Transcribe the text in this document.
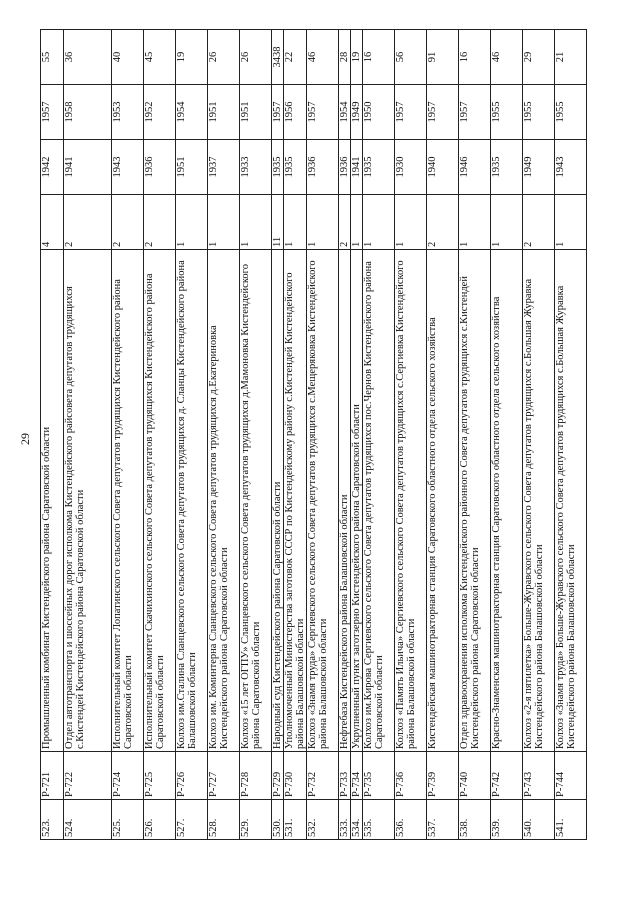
29
523.	Р-721	Промышленный комбинат Кистендейского района Саратовской области	4	1942	1957	55
524.	Р-722	Отдел автотранспорта и шоссейных дорог исполкома Кистендейского райсовета депутатов трудящихся с.Кистендей Кистендейского района Саратовской области	2	1941	1958	36
525.	Р-724	Исполнительный комитет Лопатинского сельского Совета депутатов трудящихся Кистендейского района Саратовской области	2	1943	1953	40
526.	Р-725	Исполнительный комитет Скачихинского сельского Совета депутатов трудящихся Кистендейского района Саратовской области	2	1936	1952	45
527.	Р-726	Колхоз им.Сталина Сланцевского сельского Совета депутатов трудящихся д. Сланцы Кистендейского района Балашовской области	1	1951	1954	19
528.	Р-727	Колхоз им. Коминтерна Сланцевского сельского Совета депутатов трудящихся д.Екатериновка Кистендейского района Саратовской области	1	1937	1951	26
529.	Р-728	Колхоз «15 лет ОГПУ» Сланцевского сельского Совета депутатов трудящихся д.Мамоновка Кистендейского района Саратовской области	1	1933	1951	26
530.	Р-729	Народный суд Кистендейского района Саратовской области	11	1935	1957	3438
531.	Р-730	Уполномоченный Министерства заготовок СССР по Кистендейскому району с.Кистендей Кистендейского района Балашовской области	1	1935	1956	22
532.	Р-732	Колхоз «Знамя труда» Сергиевского сельского Совета депутатов трудящихся с.Мещеряковка Кистендейского района Балашовской области	1	1936	1957	46
533.	Р-733	Нефтебаза Кистендейского района Балашовской области	2	1936	1954	28
534.	Р-734	Укрупненный пункт заготзерно Кистендейского района Саратовской области	1	1941	1949	19
535.	Р-735	Колхоз им.Кирова Сергиевского сельского Совета депутатов трудящихся пос.Чернов Кистендейского района Саратовской области	1	1935	1950	16
536.	Р-736	Колхоз «Память Ильича» Сергиевского сельского Совета депутатов трудящихся с.Сергиевка Кистендейского района Балашовской области	1	1930	1957	56
537.	Р-739	Кистендейская машинотракторная станция Саратовского областного отдела сельского хозяйства	2	1940	1957	91
538.	Р-740	Отдел здравоохранения исполкома Кистендейского районного Совета депутатов трудящихся с.Кистендей Кистендейского района Саратовской области	1	1946	1957	16
539.	Р-742	Красно-Знаменская машинотракторная станция Саратовского областного отдела сельского хозяйства	1	1935	1955	46
540.	Р-743	Колхоз «2-я пятилетка» Больше-Журавского сельского Совета депутатов трудящихся с.Большая Журавка Кистендейского района Балашовской области	2	1949	1955	29
541.	Р-744	Колхоз «Знамя труда» Больше-Журавского сельского Совета депутатов трудящихся с.Большая Журавка Кистендейского района Балашовской области	1	1943	1955	21
